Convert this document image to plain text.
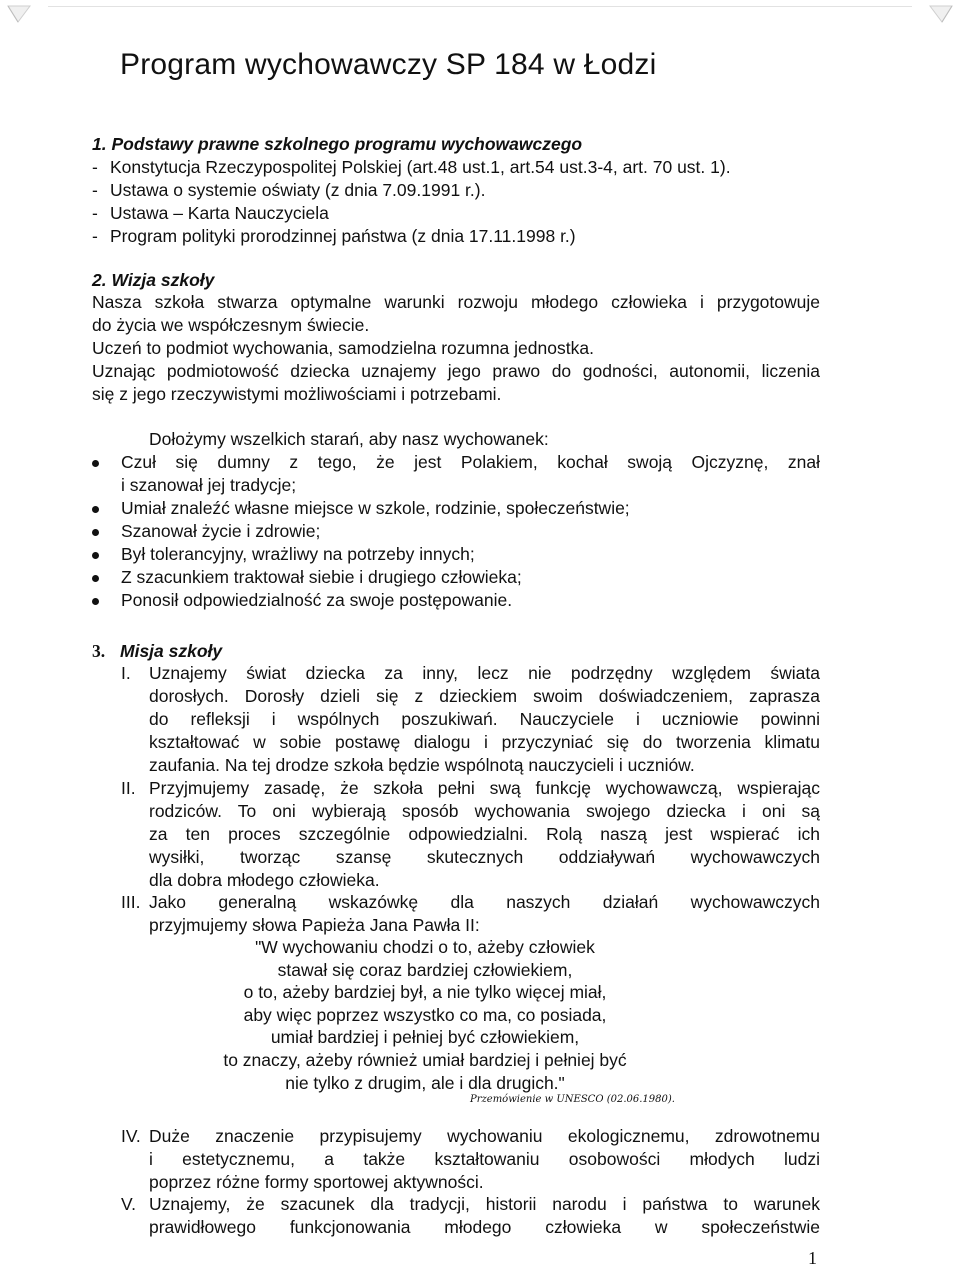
Program wychowawczy SP 184 w Łodzi
1. Podstawy prawne szkolnego programu wychowawczego
- Konstytucja Rzeczypospolitej Polskiej (art.48 ust.1, art.54 ust.3-4, art. 70 ust. 1).
- Ustawa o systemie oświaty (z dnia 7.09.1991 r.).
- Ustawa – Karta Nauczyciela
- Program polityki prorodzinnej państwa (z dnia 17.11.1998 r.)
2. Wizja szkoły
Nasza szkoła stwarza optymalne warunki rozwoju młodego człowieka i przygotowuje
do życia we współczesnym świecie.
Uczeń to podmiot wychowania, samodzielna rozumna jednostka.
Uznając podmiotowość dziecka uznajemy jego prawo do godności, autonomii, liczenia
się z jego rzeczywistymi możliwościami i potrzebami.
Dołożymy wszelkich starań, aby nasz wychowanek:
Czuł się dumny z tego, że jest Polakiem, kochał swoją Ojczyznę, znał
i szanował jej tradycje;
Umiał znaleźć własne miejsce w szkole, rodzinie, społeczeństwie;
Szanował życie i zdrowie;
Był tolerancyjny, wrażliwy na potrzeby innych;
Z szacunkiem traktował siebie i drugiego człowieka;
Ponosił odpowiedzialność za swoje postępowanie.
3. Misja szkoły
I. Uznajemy świat dziecka za inny, lecz nie podrzędny względem świata
dorosłych. Dorosły dzieli się z dzieckiem swoim doświadczeniem, zaprasza
do refleksji i wspólnych poszukiwań. Nauczyciele i uczniowie powinni
kształtować w sobie postawę dialogu i przyczyniać się do tworzenia klimatu
zaufania. Na tej drodze szkoła będzie wspólnotą nauczycieli i uczniów.
II. Przyjmujemy zasadę, że szkoła pełni swą funkcję wychowawczą, wspierając
rodziców. To oni wybierają sposób wychowania swojego dziecka i oni są
za ten proces szczególnie odpowiedzialni. Rolą naszą jest wspierać ich
wysiłki, tworząc szansę skutecznych oddziaływań wychowawczych
dla dobra młodego człowieka.
III. Jako generalną wskazówkę dla naszych działań wychowawczych
przyjmujemy słowa Papieża Jana Pawła II:
"W wychowaniu chodzi o to, ażeby człowiek
stawał się coraz bardziej człowiekiem,
o to, ażeby bardziej był, a nie tylko więcej miał,
aby więc poprzez wszystko co ma, co posiada,
umiał bardziej i pełniej być człowiekiem,
to znaczy, ażeby również umiał bardziej i pełniej być
nie tylko z drugim, ale i dla drugich."
Przemówienie w UNESCO (02.06.1980).
IV. Duże znaczenie przypisujemy wychowaniu ekologicznemu, zdrowotnemu
i estetycznemu, a także kształtowaniu osobowości młodych ludzi
poprzez różne formy sportowej aktywności.
V. Uznajemy, że szacunek dla tradycji, historii narodu i państwa to warunek
prawidłowego funkcjonowania młodego człowieka w społeczeństwie
1
